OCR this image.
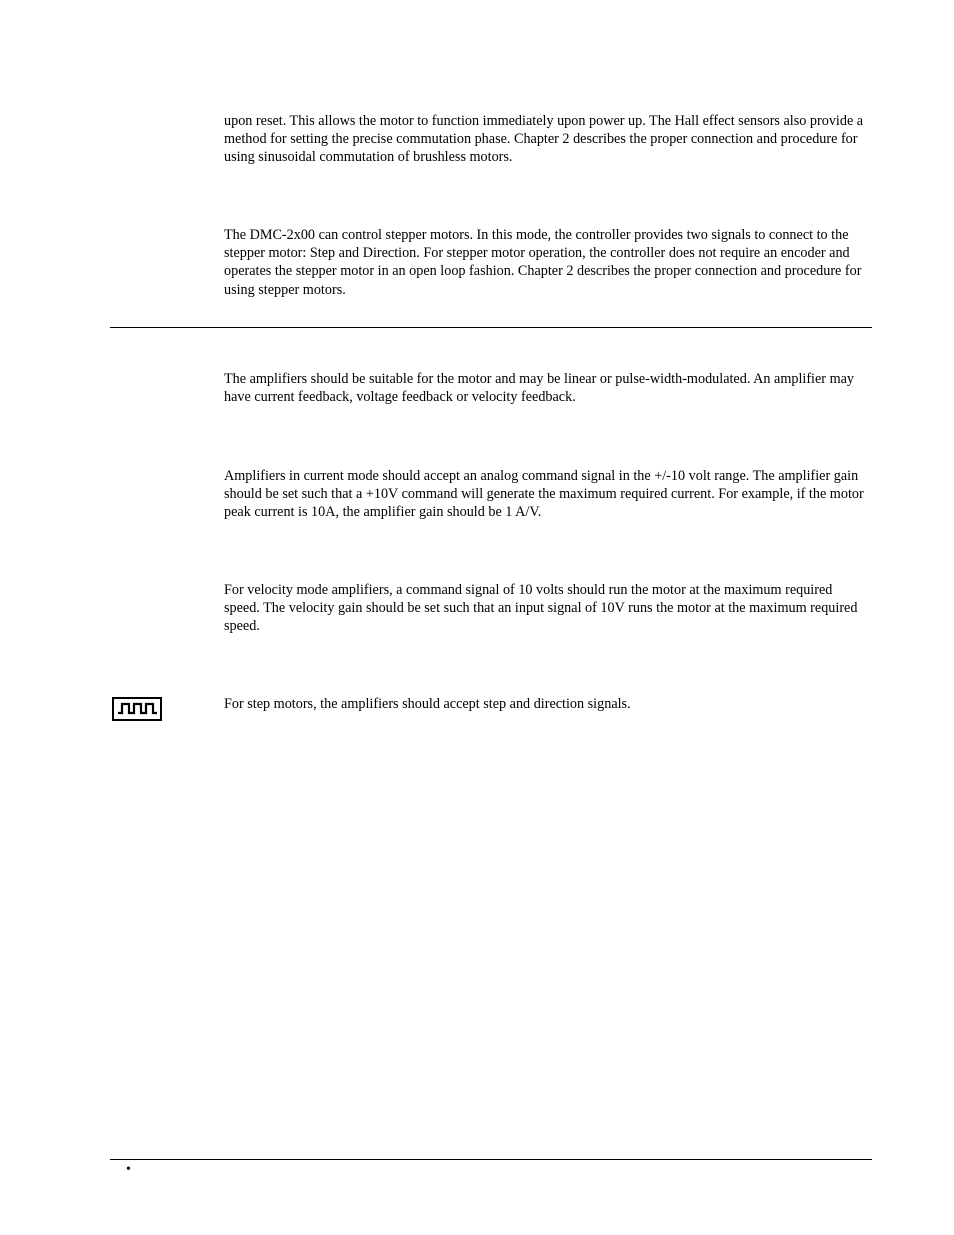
upon reset. This allows the motor to function immediately upon power up. The Hall effect sensors also provide a method for setting the precise commutation phase. Chapter 2 describes the proper connection and procedure for using sinusoidal commutation of brushless motors.

The DMC-2x00 can control stepper motors. In this mode, the controller provides two signals to connect to the stepper motor: Step and Direction. For stepper motor operation, the controller does not require an encoder and operates the stepper motor in an open loop fashion. Chapter 2 describes the proper connection and procedure for using stepper motors.

The amplifiers should be suitable for the motor and may be linear or pulse-width-modulated. An amplifier may have current feedback, voltage feedback or velocity feedback.

Amplifiers in current mode should accept an analog command signal in the +/-10 volt range. The amplifier gain should be set such that a +10V command will generate the maximum required current. For example, if the motor peak current is 10A, the amplifier gain should be 1 A/V.

For velocity mode amplifiers, a command signal of 10 volts should run the motor at the maximum required speed. The velocity gain should be set such that an input signal of 10V runs the motor at the maximum required speed.

For step motors, the amplifiers should accept step and direction signals.

•
